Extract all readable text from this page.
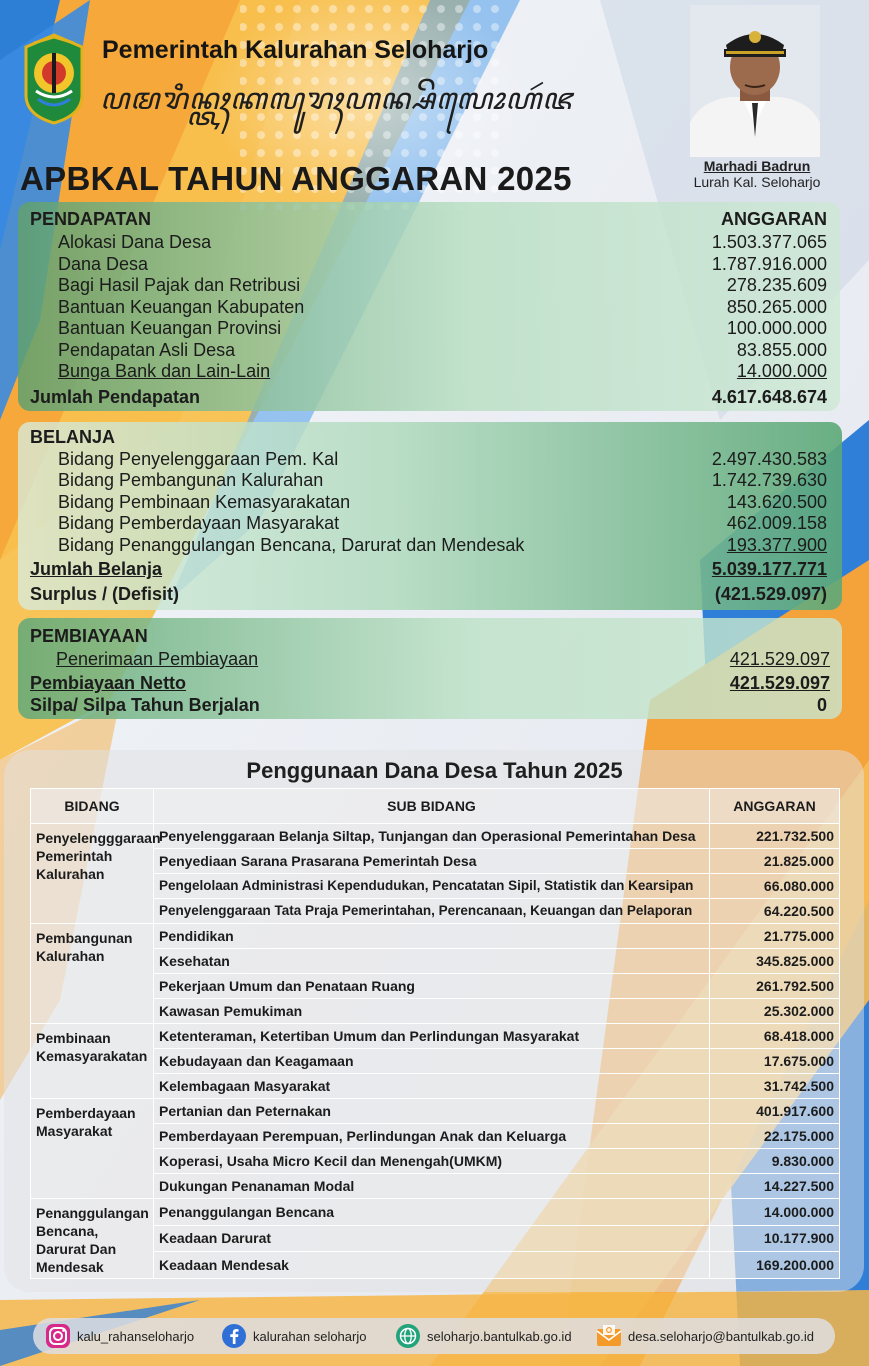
Pemerintah Kalurahan Seloharjo
ꦥꦩꦫꦶꦤ꧀ꦠꦃꦏꦭꦸꦫꦃꦲꦤ꧀ꦱꦼꦭꦺꦴꦲꦂꦗ
APBKAL TAHUN ANGGARAN 2025	Marhadi Badrun
Lurah Kal. Seloharjo
PENDAPATAN	ANGGARAN
Alokasi Dana Desa	1.503.377.065
Dana Desa	1.787.916.000
Bagi Hasil Pajak dan Retribusi	278.235.609
Bantuan Keuangan Kabupaten	850.265.000
Bantuan Keuangan Provinsi	100.000.000
Pendapatan Asli Desa	83.855.000
Bunga Bank dan Lain-Lain	14.000.000
Jumlah Pendapatan	4.617.648.674
BELANJA
Bidang Penyelenggaraan Pem. Kal	2.497.430.583
Bidang Pembangunan Kalurahan	1.742.739.630
Bidang Pembinaan Kemasyarakatan	143.620.500
Bidang Pemberdayaan Masyarakat	462.009.158
Bidang Penanggulangan Bencana, Darurat dan Mendesak	193.377.900
Jumlah Belanja	5.039.177.771
Surplus / (Defisit)	(421.529.097)
PEMBIAYAAN
Penerimaan Pembiayaan	421.529.097
Pembiayaan Netto	421.529.097
Silpa/ Silpa Tahun Berjalan	0
Penggunaan Dana Desa Tahun 2025
BIDANG	SUB BIDANG	ANGGARAN
Penyelengggaraan Pemerintah Kalurahan	Penyelenggaraan Belanja Siltap, Tunjangan dan Operasional Pemerintahan Desa	221.732.500
	Penyediaan Sarana Prasarana Pemerintah Desa	21.825.000
	Pengelolaan Administrasi Kependudukan, Pencatatan Sipil, Statistik dan Kearsipan	66.080.000
	Penyelenggaraan Tata Praja Pemerintahan, Perencanaan, Keuangan dan Pelaporan	64.220.500
Pembangunan Kalurahan	Pendidikan	21.775.000
	Kesehatan	345.825.000
	Pekerjaan Umum dan Penataan Ruang	261.792.500
	Kawasan Pemukiman	25.302.000
Pembinaan Kemasyarakatan	Ketenteraman, Ketertiban Umum dan Perlindungan Masyarakat	68.418.000
	Kebudayaan dan Keagamaan	17.675.000
	Kelembagaan Masyarakat	31.742.500
Pemberdayaan Masyarakat	Pertanian dan Peternakan	401.917.600
	Pemberdayaan Perempuan, Perlindungan Anak dan Keluarga	22.175.000
	Koperasi, Usaha Micro Kecil dan Menengah(UMKM)	9.830.000
	Dukungan Penanaman Modal	14.227.500
Penanggulangan Bencana, Darurat Dan Mendesak	Penanggulangan Bencana	14.000.000
	Keadaan Darurat	10.177.900
	Keadaan Mendesak	169.200.000
kalu_rahanseloharjo	kalurahan seloharjo	seloharjo.bantulkab.go.id	desa.seloharjo@bantulkab.go.id
